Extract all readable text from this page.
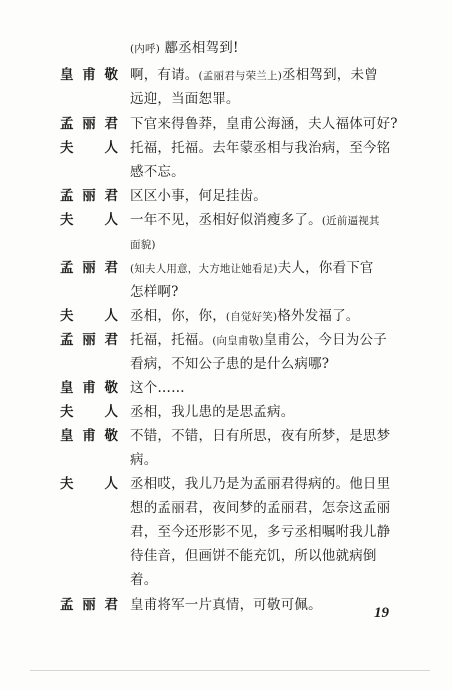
(内呼) 酈丞相驾到!
皇甫敬 啊，有请。(孟丽君与荣兰上)丞相驾到，未曾
远迎，当面恕罪。
孟丽君 下官来得鲁莽，皇甫公海涵，夫人福体可好?
夫　人 托福，托福。去年蒙丞相与我治病，至今铭
感不忘。
孟丽君 区区小事，何足挂齿。
夫　人 一年不见，丞相好似消瘦多了。(近前逼视其
面貌)
孟丽君 (知夫人用意，大方地让她看足)夫人，你看下官
怎样啊?
夫　人 丞相，你，你，(自觉好笑)格外发福了。
孟丽君 托福，托福。(向皇甫敬)皇甫公，今日为公子
看病，不知公子患的是什么病哪?
皇甫敬 这个……
夫　人 丞相，我儿患的是思孟病。
皇甫敬 不错，不错，日有所思，夜有所梦，是思梦
病。
夫　人 丞相哎，我儿乃是为孟丽君得病的。他日里
想的孟丽君，夜间梦的孟丽君，怎奈这孟丽
君，至今还形影不见，多亏丞相嘱咐我儿静
待佳音，但画饼不能充饥，所以他就病倒
着。
孟丽君 皇甫将军一片真情，可敬可佩。	19
